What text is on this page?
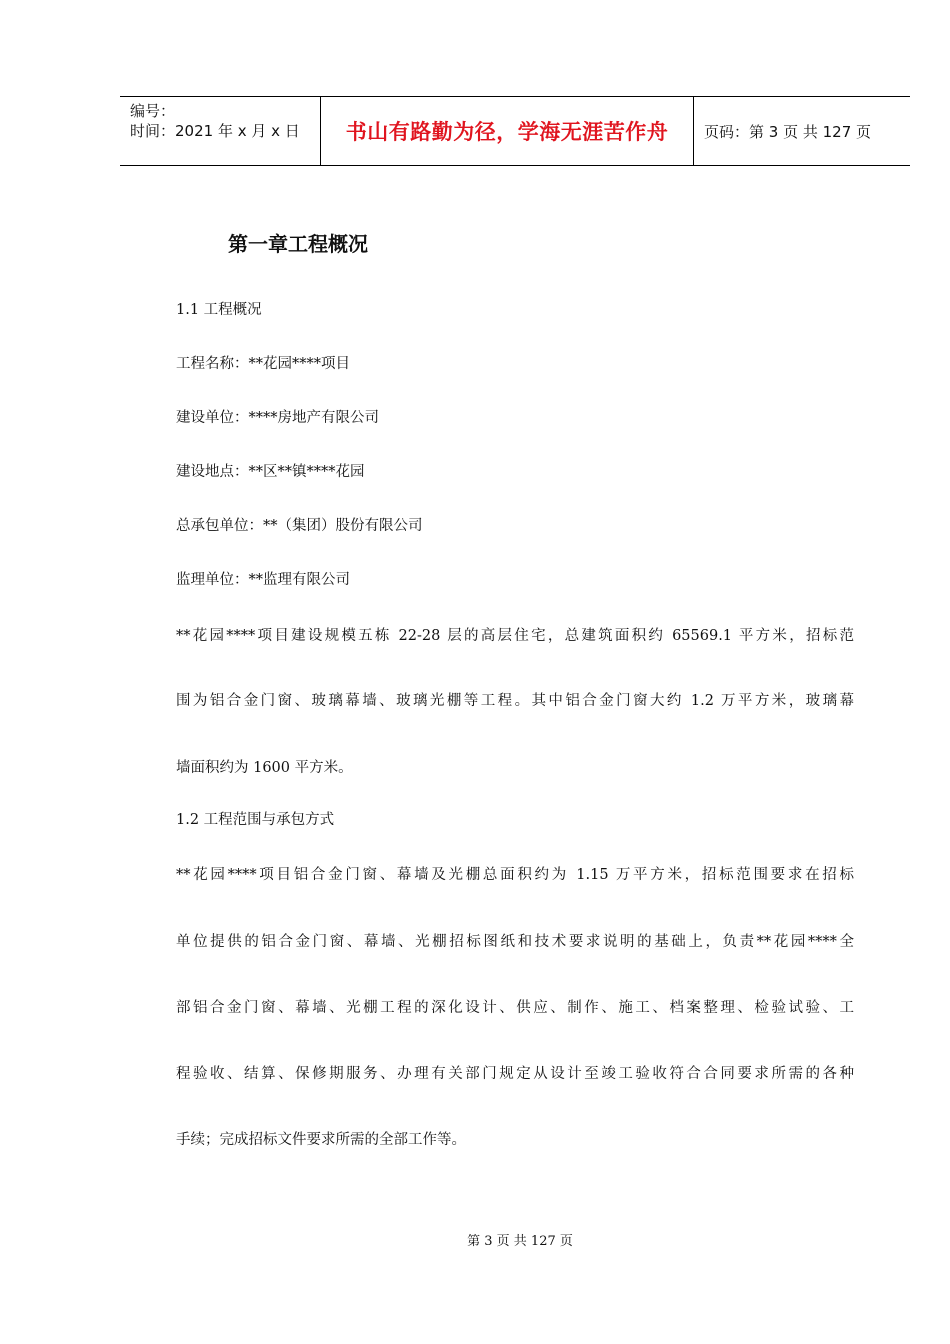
编号：
时间：2021 年 x 月 x 日	书山有路勤为径，学海无涯苦作舟 页码：第 3 页 共 127 页
第一章工程概况
1.1 工程概况
工程名称：**花园****项目
建设单位：****房地产有限公司
建设地点：**区**镇****花园
总承包单位：**（集团）股份有限公司
监理单位：**监理有限公司
**花园****项目建设规模五栋 22-28 层的高层住宅，总建筑面积约 65569.1 平方米，招标范
围为铝合金门窗、玻璃幕墙、玻璃光棚等工程。其中铝合金门窗大约 1.2 万平方米，玻璃幕
墙面积约为 1600 平方米。
1.2 工程范围与承包方式
**花园****项目铝合金门窗、幕墙及光棚总面积约为 1.15 万平方米，招标范围要求在招标
单位提供的铝合金门窗、幕墙、光棚招标图纸和技术要求说明的基础上，负责**花园****全
部铝合金门窗、幕墙、光棚工程的深化设计、供应、制作、施工、档案整理、检验试验、工
程验收、结算、保修期服务、办理有关部门规定从设计至竣工验收符合合同要求所需的各种
手续；完成招标文件要求所需的全部工作等。
第 3 页 共 127 页
